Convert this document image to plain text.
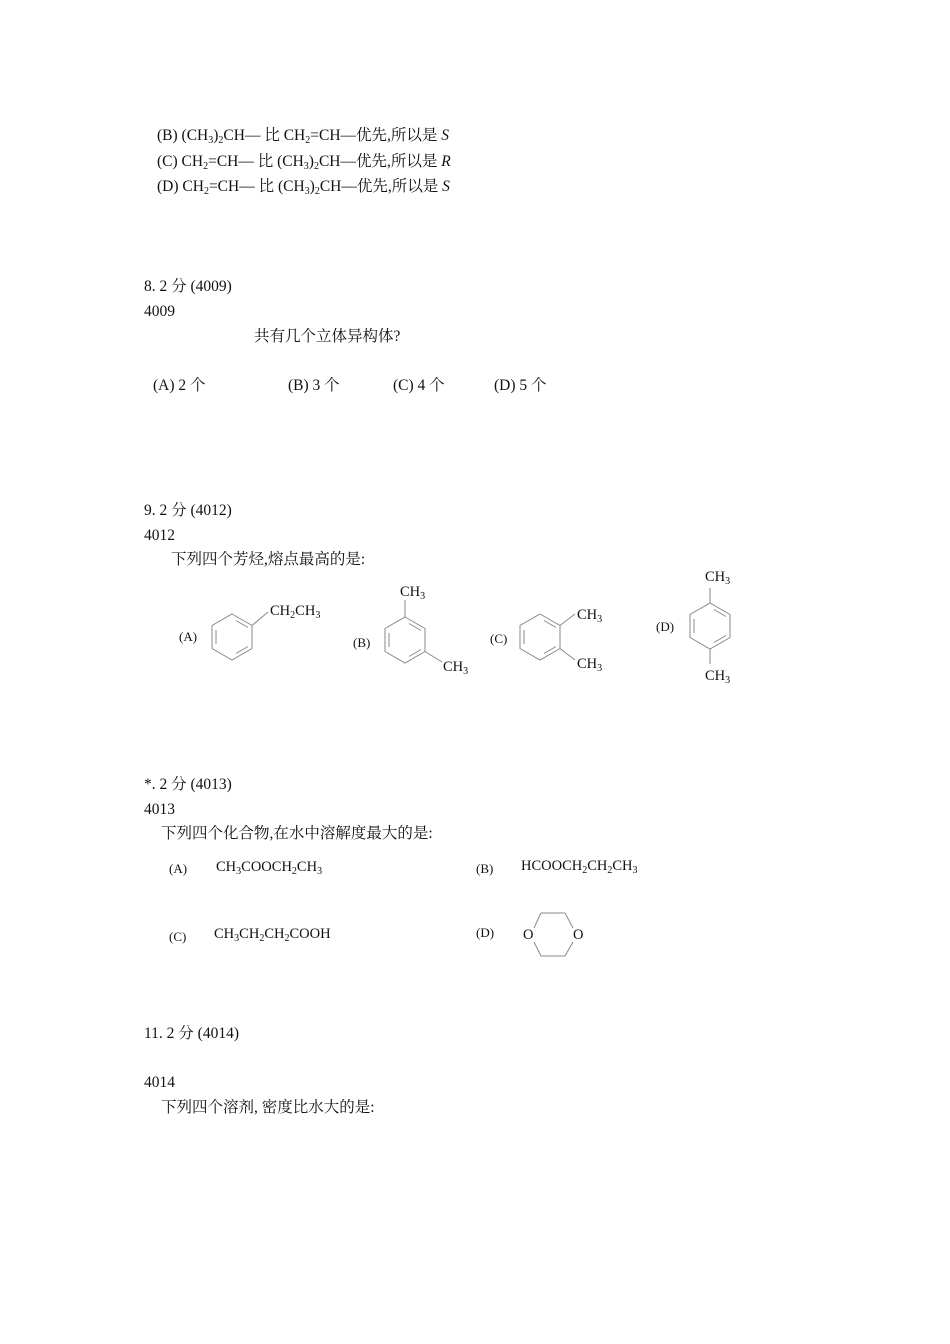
(B) $(CH_3)_2CH—$ 比 $CH_2=CH—$优先,所以是 S
(C) $CH_2=CH—$ 比 $(CH_3)_2CH—$优先,所以是 R
(D) $CH_2=CH—$ 比 $(CH_3)_2CH—$优先,所以是 S
8. 2 分 (4009)
4009
共有几个立体异构体?
(A) 2 个	(B) 3 个	(C) 4 个	(D) 5 个
9. 2 分 (4012)
4012
下列四个芳烃,熔点最高的是:
(A)
$CH_2CH_3$
(B)
$CH_3$
$CH_3$
(C)
$CH_3$
$CH_3$
(D)
$CH_3$
$CH_3$
*. 2 分 (4013)
4013
下列四个化合物,在水中溶解度最大的是:
(A) $CH_3COOCH_2CH_3$	(B) $HCOOCH_2CH_2CH_3$
(C) $CH_3CH_2CH_2COOH$	(D) O	O
11. 2 分 (4014)
4014
下列四个溶剂, 密度比水大的是:
